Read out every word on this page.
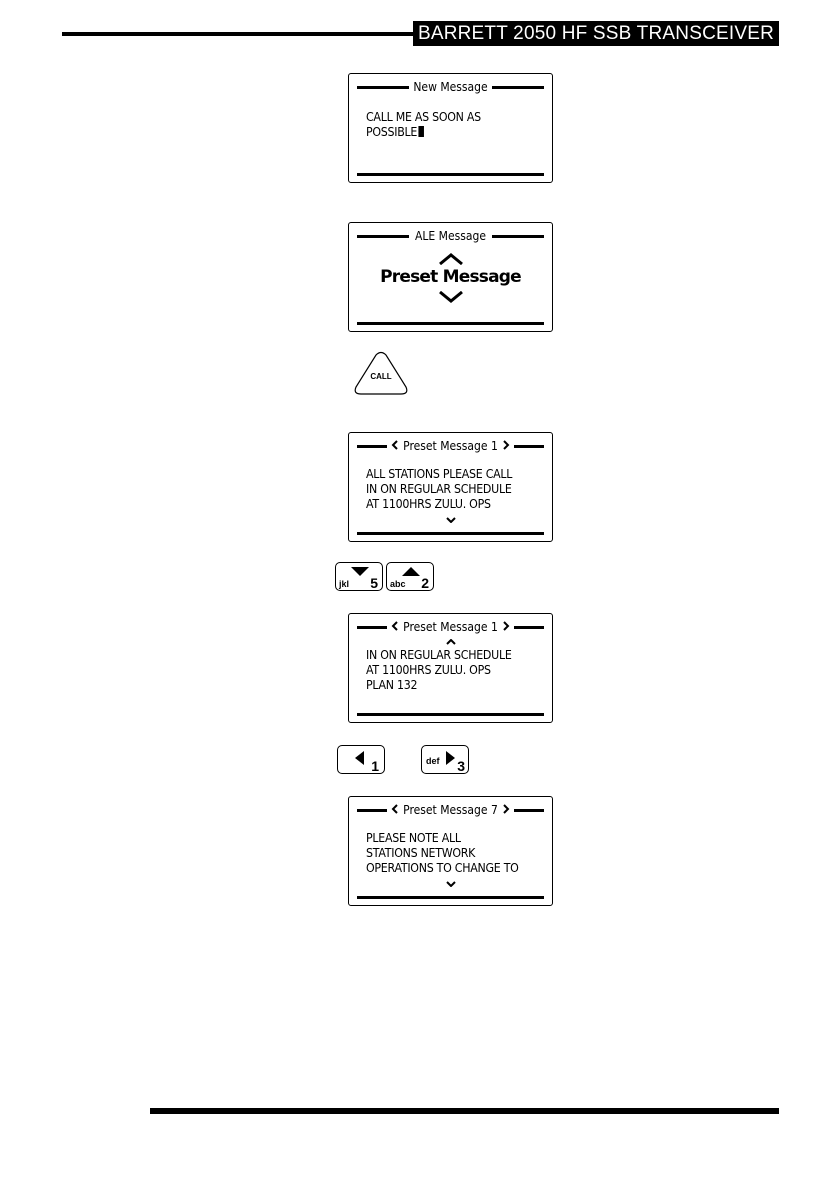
BARRETT 2050 HF SSB TRANSCEIVER
New Message
CALL ME AS SOON AS
POSSIBLE
ALE Message
Preset Message
CALL
Preset Message 1
ALL STATIONS PLEASE CALL
IN ON REGULAR SCHEDULE
AT 1100HRS ZULU. OPS
jkl 5 abc 2
Preset Message 1
IN ON REGULAR SCHEDULE
AT 1100HRS ZULU. OPS
PLAN 132
1	def 3
Preset Message 7
PLEASE NOTE ALL
STATIONS NETWORK
OPERATIONS TO CHANGE TO
